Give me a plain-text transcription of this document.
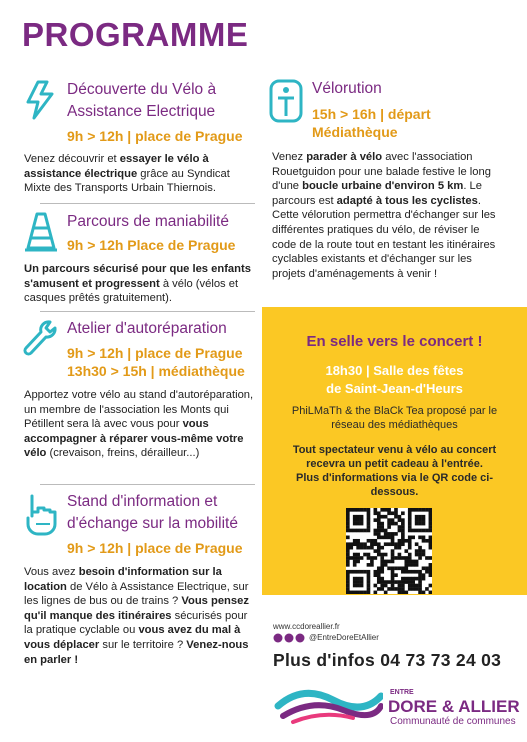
PROGRAMME
Découverte du Vélo à
Assistance Electrique
9h > 12h | place de Prague
Venez découvrir et essayer le vélo à assistance électrique grâce au Syndicat Mixte des Transports Urbain Thiernois.
Parcours de maniabilité
9h > 12h Place de Prague
Un parcours sécurisé pour que les enfants s'amusent et progressent à vélo (vélos et casques prêtés gratuitement).
Atelier d'autoréparation
9h > 12h | place de Prague
13h30 > 15h | médiathèque
Apportez votre vélo au stand d'autoréparation, un membre de l'association les Monts qui Pétillent sera là avec vous pour vous accompagner à réparer vous-même votre vélo (crevaison, freins, dérailleur...)
Stand d'information et
d'échange sur la mobilité
9h > 12h | place de Prague
Vous avez besoin d'information sur la location de Vélo à Assistance Electrique, sur les lignes de bus ou de trains ? Vous pensez qu'il manque des itinéraires sécurisés pour la pratique cyclable ou vous avez du mal à vous déplacer sur le territoire ? Venez-nous en parler !
Vélorution
15h > 16h | départ
Médiathèque
Venez parader à vélo avec l'association Rouetguidon pour une balade festive le long d'une boucle urbaine d'environ 5 km. Le parcours est adapté à tous les cyclistes. Cette vélorution permettra d'échanger sur les différentes pratiques du vélo, de réviser le code de la route tout en testant les itinéraires cyclables existants et d'échanger sur les projets d'aménagements à venir !
En selle vers le concert !
18h30 | Salle des fêtes
de Saint-Jean-d'Heurs
PhiLMaTh & the BlaCk Tea proposé par le
réseau des médiathèques
Tout spectateur venu à vélo au concert
recevra un petit cadeau à l'entrée.
Plus d'informations via le QR code ci-
dessous.
www.ccdoreallier.fr
@EntreDoreEtAllier
Plus d'infos 04 73 73 24 03
ENTRE
DORE & ALLIER
Communauté de communes
